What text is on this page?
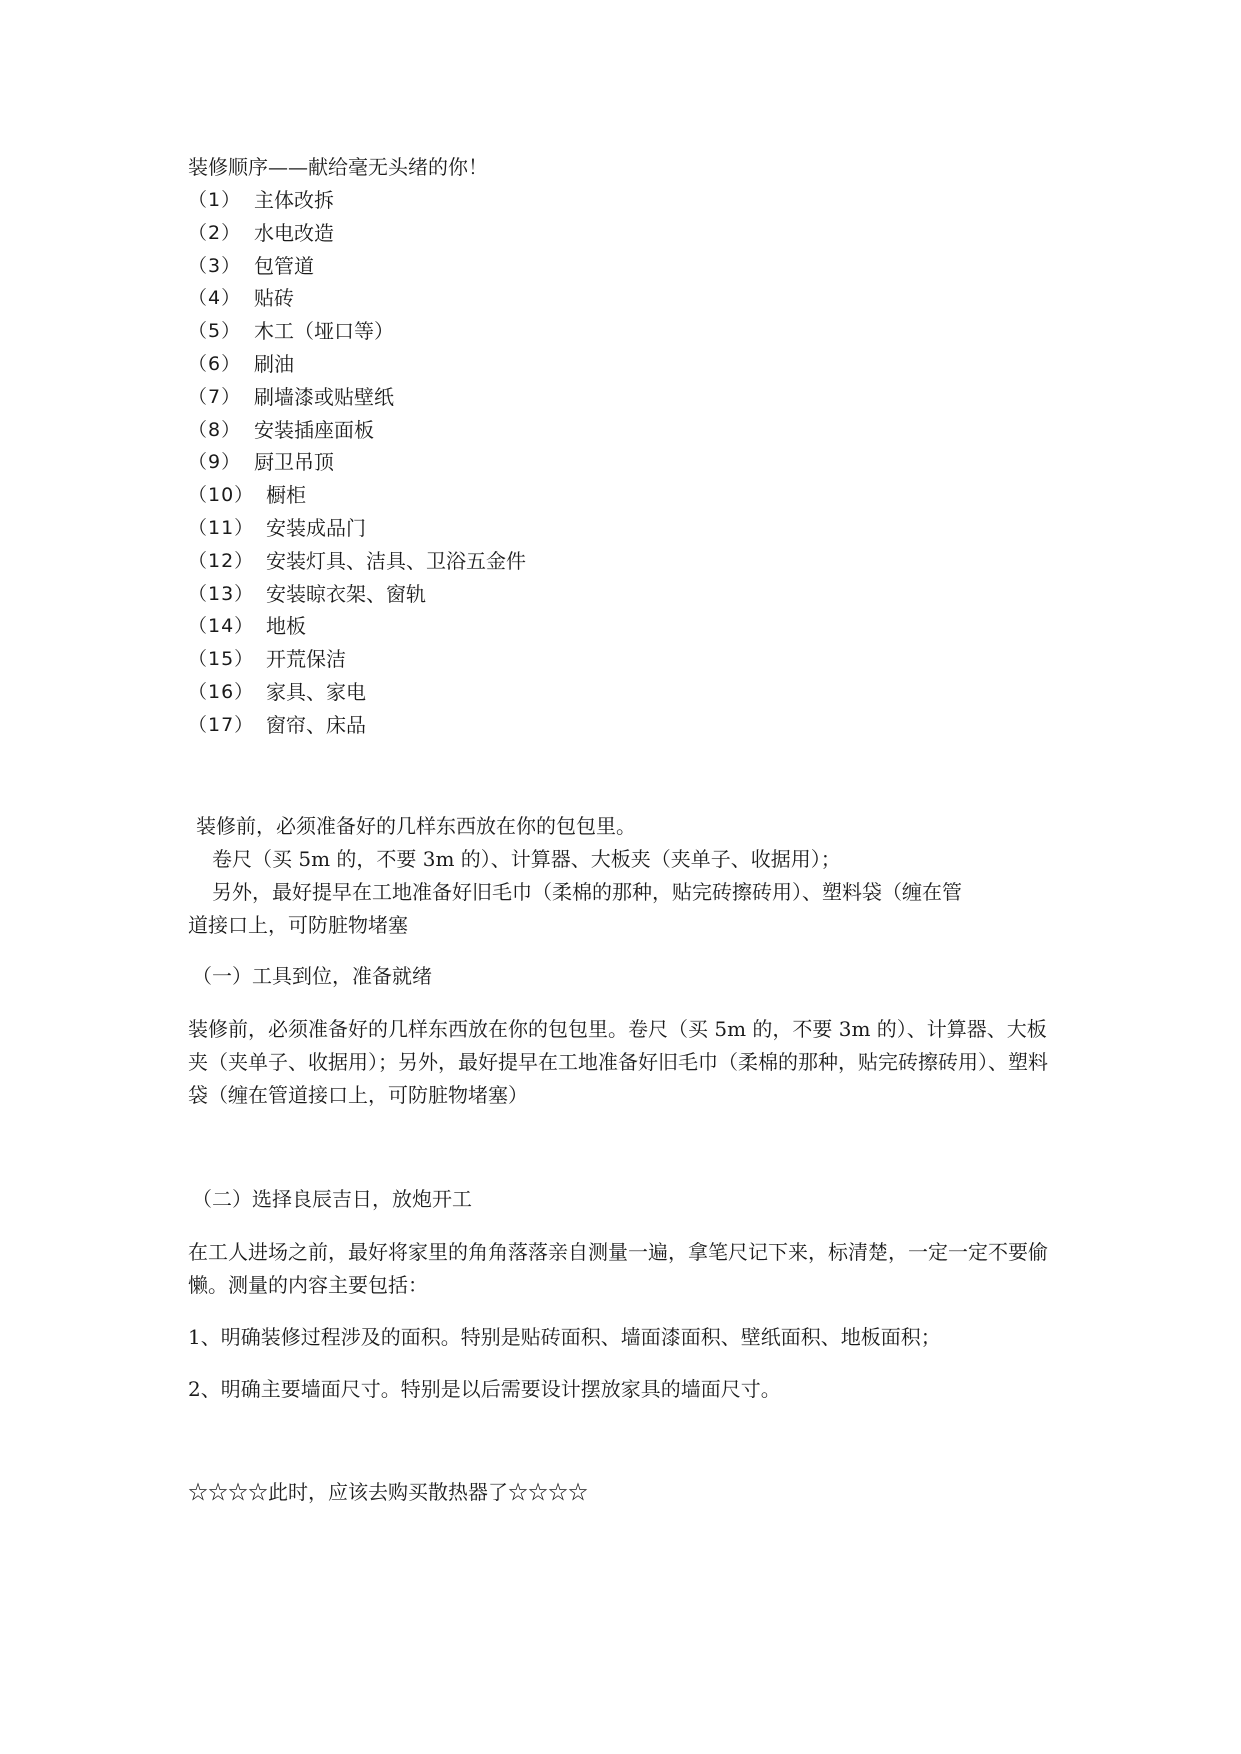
装修顺序——献给毫无头绪的你！
（1） 主体改拆
（2） 水电改造
（3） 包管道
（4） 贴砖
（5） 木工（垭口等）
（6） 刷油
（7） 刷墙漆或贴壁纸
（8） 安装插座面板
（9） 厨卫吊顶
（10） 橱柜
（11） 安装成品门
（12） 安装灯具、洁具、卫浴五金件
（13） 安装晾衣架、窗轨
（14） 地板
（15） 开荒保洁
（16） 家具、家电
（17） 窗帘、床品
装修前，必须准备好的几样东西放在你的包包里。
卷尺（买 5m 的，不要 3m 的）、计算器、大板夹（夹单子、收据用）；
另外，最好提早在工地准备好旧毛巾（柔棉的那种，贴完砖擦砖用）、塑料袋（缠在管
道接口上，可防脏物堵塞
（一）工具到位，准备就绪
装修前，必须准备好的几样东西放在你的包包里。卷尺（买 5m 的，不要 3m 的）、计算器、大板夹（夹单子、收据用）；另外，最好提早在工地准备好旧毛巾（柔棉的那种，贴完砖擦砖用）、塑料袋（缠在管道接口上，可防脏物堵塞）
（二）选择良辰吉日，放炮开工
在工人进场之前，最好将家里的角角落落亲自测量一遍，拿笔尺记下来，标清楚，一定一定不要偷懒。测量的内容主要包括：
1、明确装修过程涉及的面积。特别是贴砖面积、墙面漆面积、壁纸面积、地板面积；
2、明确主要墙面尺寸。特别是以后需要设计摆放家具的墙面尺寸。
☆☆☆☆此时，应该去购买散热器了☆☆☆☆
